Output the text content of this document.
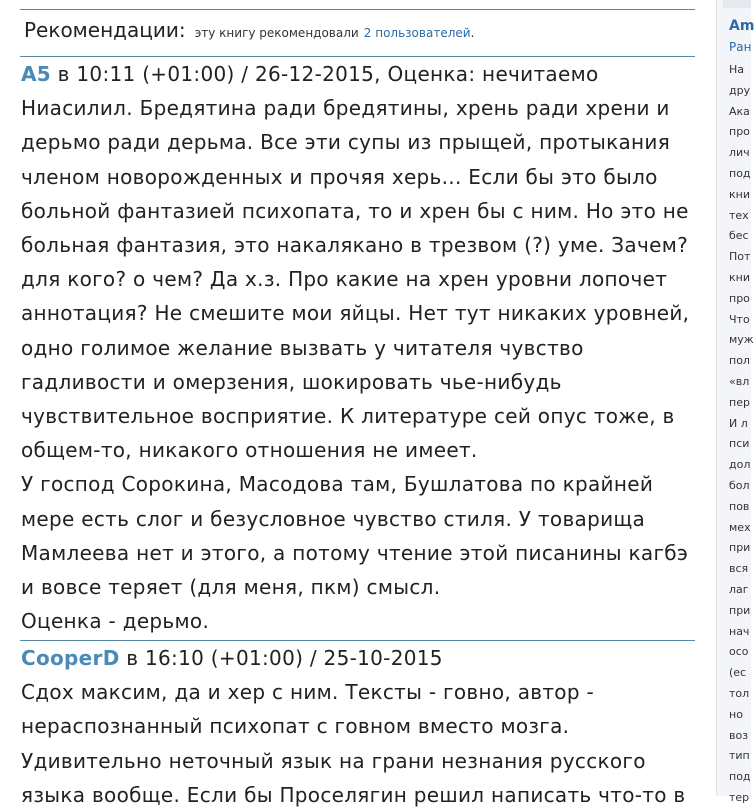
Рекомендации: эту книгу рекомендовали 2 пользователей.

A5 в 10:11 (+01:00) / 26-12-2015, Оценка: нечитаемо

Ниасилил. Бредятина ради бредятины, хрень ради хрени и

дерьмо ради дерьма. Все эти супы из прыщей, протыкания

членом новорожденных и прочяя херь... Если бы это было

больной фантазией психопата, то и хрен бы с ним. Но это не

больная фантазия, это накалякано в трезвом (?) уме. Зачем?

для кого? о чем? Да х.з. Про какие на хрен уровни лопочет

аннотация? Не смешите мои яйцы. Нет тут никаких уровней,

одно голимое желание вызвать у читателя чувство

гадливости и омерзения, шокировать чье-нибудь

чувствительное восприятие. К литературе сей опус тоже, в

общем-то, никакого отношения не имеет.

У господ Сорокина, Масодова там, Бушлатова по крайней

мере есть слог и безусловное чувство стиля. У товарища

Мамлеева нет и этого, а потому чтение этой писанины кагбэ

и вовсе теряет (для меня, пкм) смысл.

Оценка - дерьмо.

CooperD в 16:10 (+01:00) / 25-10-2015

Сдох максим, да и хер с ним. Тексты - говно, автор -

нераспознанный психопат с говном вместо мозга.

Удивительно неточный язык на грани незнания русского

языка вообще. Если бы Проселягин решил написать что-то в

Am
Ран
На
дру
Ака
про
лич
под
кни
тех
бес
Пот
кни
про
Что
муж
пол
«вл
пер
И л
пси
дол
бол
пов
мех
при
вся
лаг
при
нач
осо
(ес
тол
но
воз
тип
под
тер
